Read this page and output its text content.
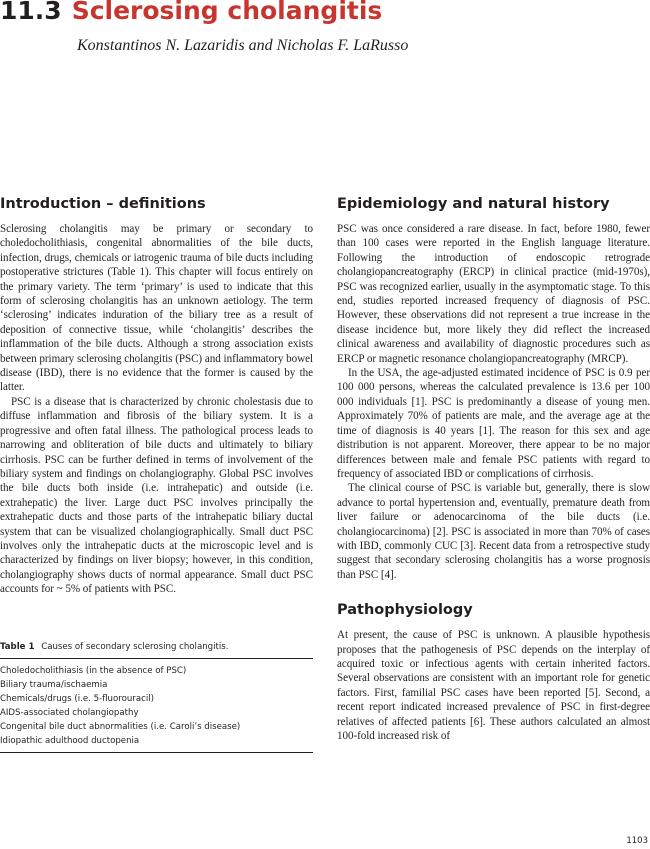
11.3 Sclerosing cholangitis
Konstantinos N. Lazaridis and Nicholas F. LaRusso
Introduction – definitions

Sclerosing cholangitis may be primary or secondary to choledocholithiasis, congenital abnormalities of the bile ducts, infection, drugs, chemicals or iatrogenic trauma of bile ducts including postoperative strictures (Table 1). This chapter will focus entirely on the primary variety. The term ‘primary’ is used to indicate that this form of sclerosing cholangitis has an unknown aetiology. The term ‘sclerosing’ indicates induration of the biliary tree as a result of deposition of connective tissue, while ‘cholangitis’ describes the inflammation of the bile ducts. Although a strong association exists between primary sclerosing cholangitis (PSC) and inflammatory bowel disease (IBD), there is no evidence that the former is caused by the latter.

PSC is a disease that is characterized by chronic cholestasis due to diffuse inflammation and fibrosis of the biliary system. It is a progressive and often fatal illness. The pathological process leads to narrowing and obliteration of bile ducts and ultimately to biliary cirrhosis. PSC can be further defined in terms of involvement of the biliary system and findings on cholangiography. Global PSC involves the bile ducts both inside (i.e. intrahepatic) and outside (i.e. extrahepatic) the liver. Large duct PSC involves principally the extrahepatic ducts and those parts of the intrahepatic biliary ductal system that can be visualized cholangiographically. Small duct PSC involves only the intrahepatic ducts at the microscopic level and is characterized by findings on liver biopsy; however, in this condition, cholangiography shows ducts of normal appearance. Small duct PSC accounts for ~ 5% of patients with PSC.

Table 1 Causes of secondary sclerosing cholangitis.
Choledocholithiasis (in the absence of PSC)
Biliary trauma/ischaemia
Chemicals/drugs (i.e. 5-fluorouracil)
AIDS-associated cholangiopathy
Congenital bile duct abnormalities (i.e. Caroli’s disease)
Idiopathic adulthood ductopenia
Epidemiology and natural history

PSC was once considered a rare disease. In fact, before 1980, fewer than 100 cases were reported in the English language literature. Following the introduction of endoscopic retrograde cholangiopancreatography (ERCP) in clinical practice (mid-1970s), PSC was recognized earlier, usually in the asymptomatic stage. To this end, studies reported increased frequency of diagnosis of PSC. However, these observations did not represent a true increase in the disease incidence but, more likely they did reflect the increased clinical awareness and availability of diagnostic procedures such as ERCP or magnetic resonance cholangiopancreatography (MRCP).

In the USA, the age-adjusted estimated incidence of PSC is 0.9 per 100 000 persons, whereas the calculated prevalence is 13.6 per 100 000 individuals [1]. PSC is predominantly a disease of young men. Approximately 70% of patients are male, and the average age at the time of diagnosis is 40 years [1]. The reason for this sex and age distribution is not apparent. Moreover, there appear to be no major differences between male and female PSC patients with regard to frequency of associated IBD or complications of cirrhosis.

The clinical course of PSC is variable but, generally, there is slow advance to portal hypertension and, eventually, premature death from liver failure or adenocarcinoma of the bile ducts (i.e. cholangiocarcinoma) [2]. PSC is associated in more than 70% of cases with IBD, commonly CUC [3]. Recent data from a retrospective study suggest that secondary sclerosing cholangitis has a worse prognosis than PSC [4].

Pathophysiology

At present, the cause of PSC is unknown. A plausible hypothesis proposes that the pathogenesis of PSC depends on the interplay of acquired toxic or infectious agents with certain inherited factors. Several observations are consistent with an important role for genetic factors. First, familial PSC cases have been reported [5]. Second, a recent report indicated increased prevalence of PSC in first-degree relatives of affected patients [6]. These authors calculated an almost 100-fold increased risk of

1103
